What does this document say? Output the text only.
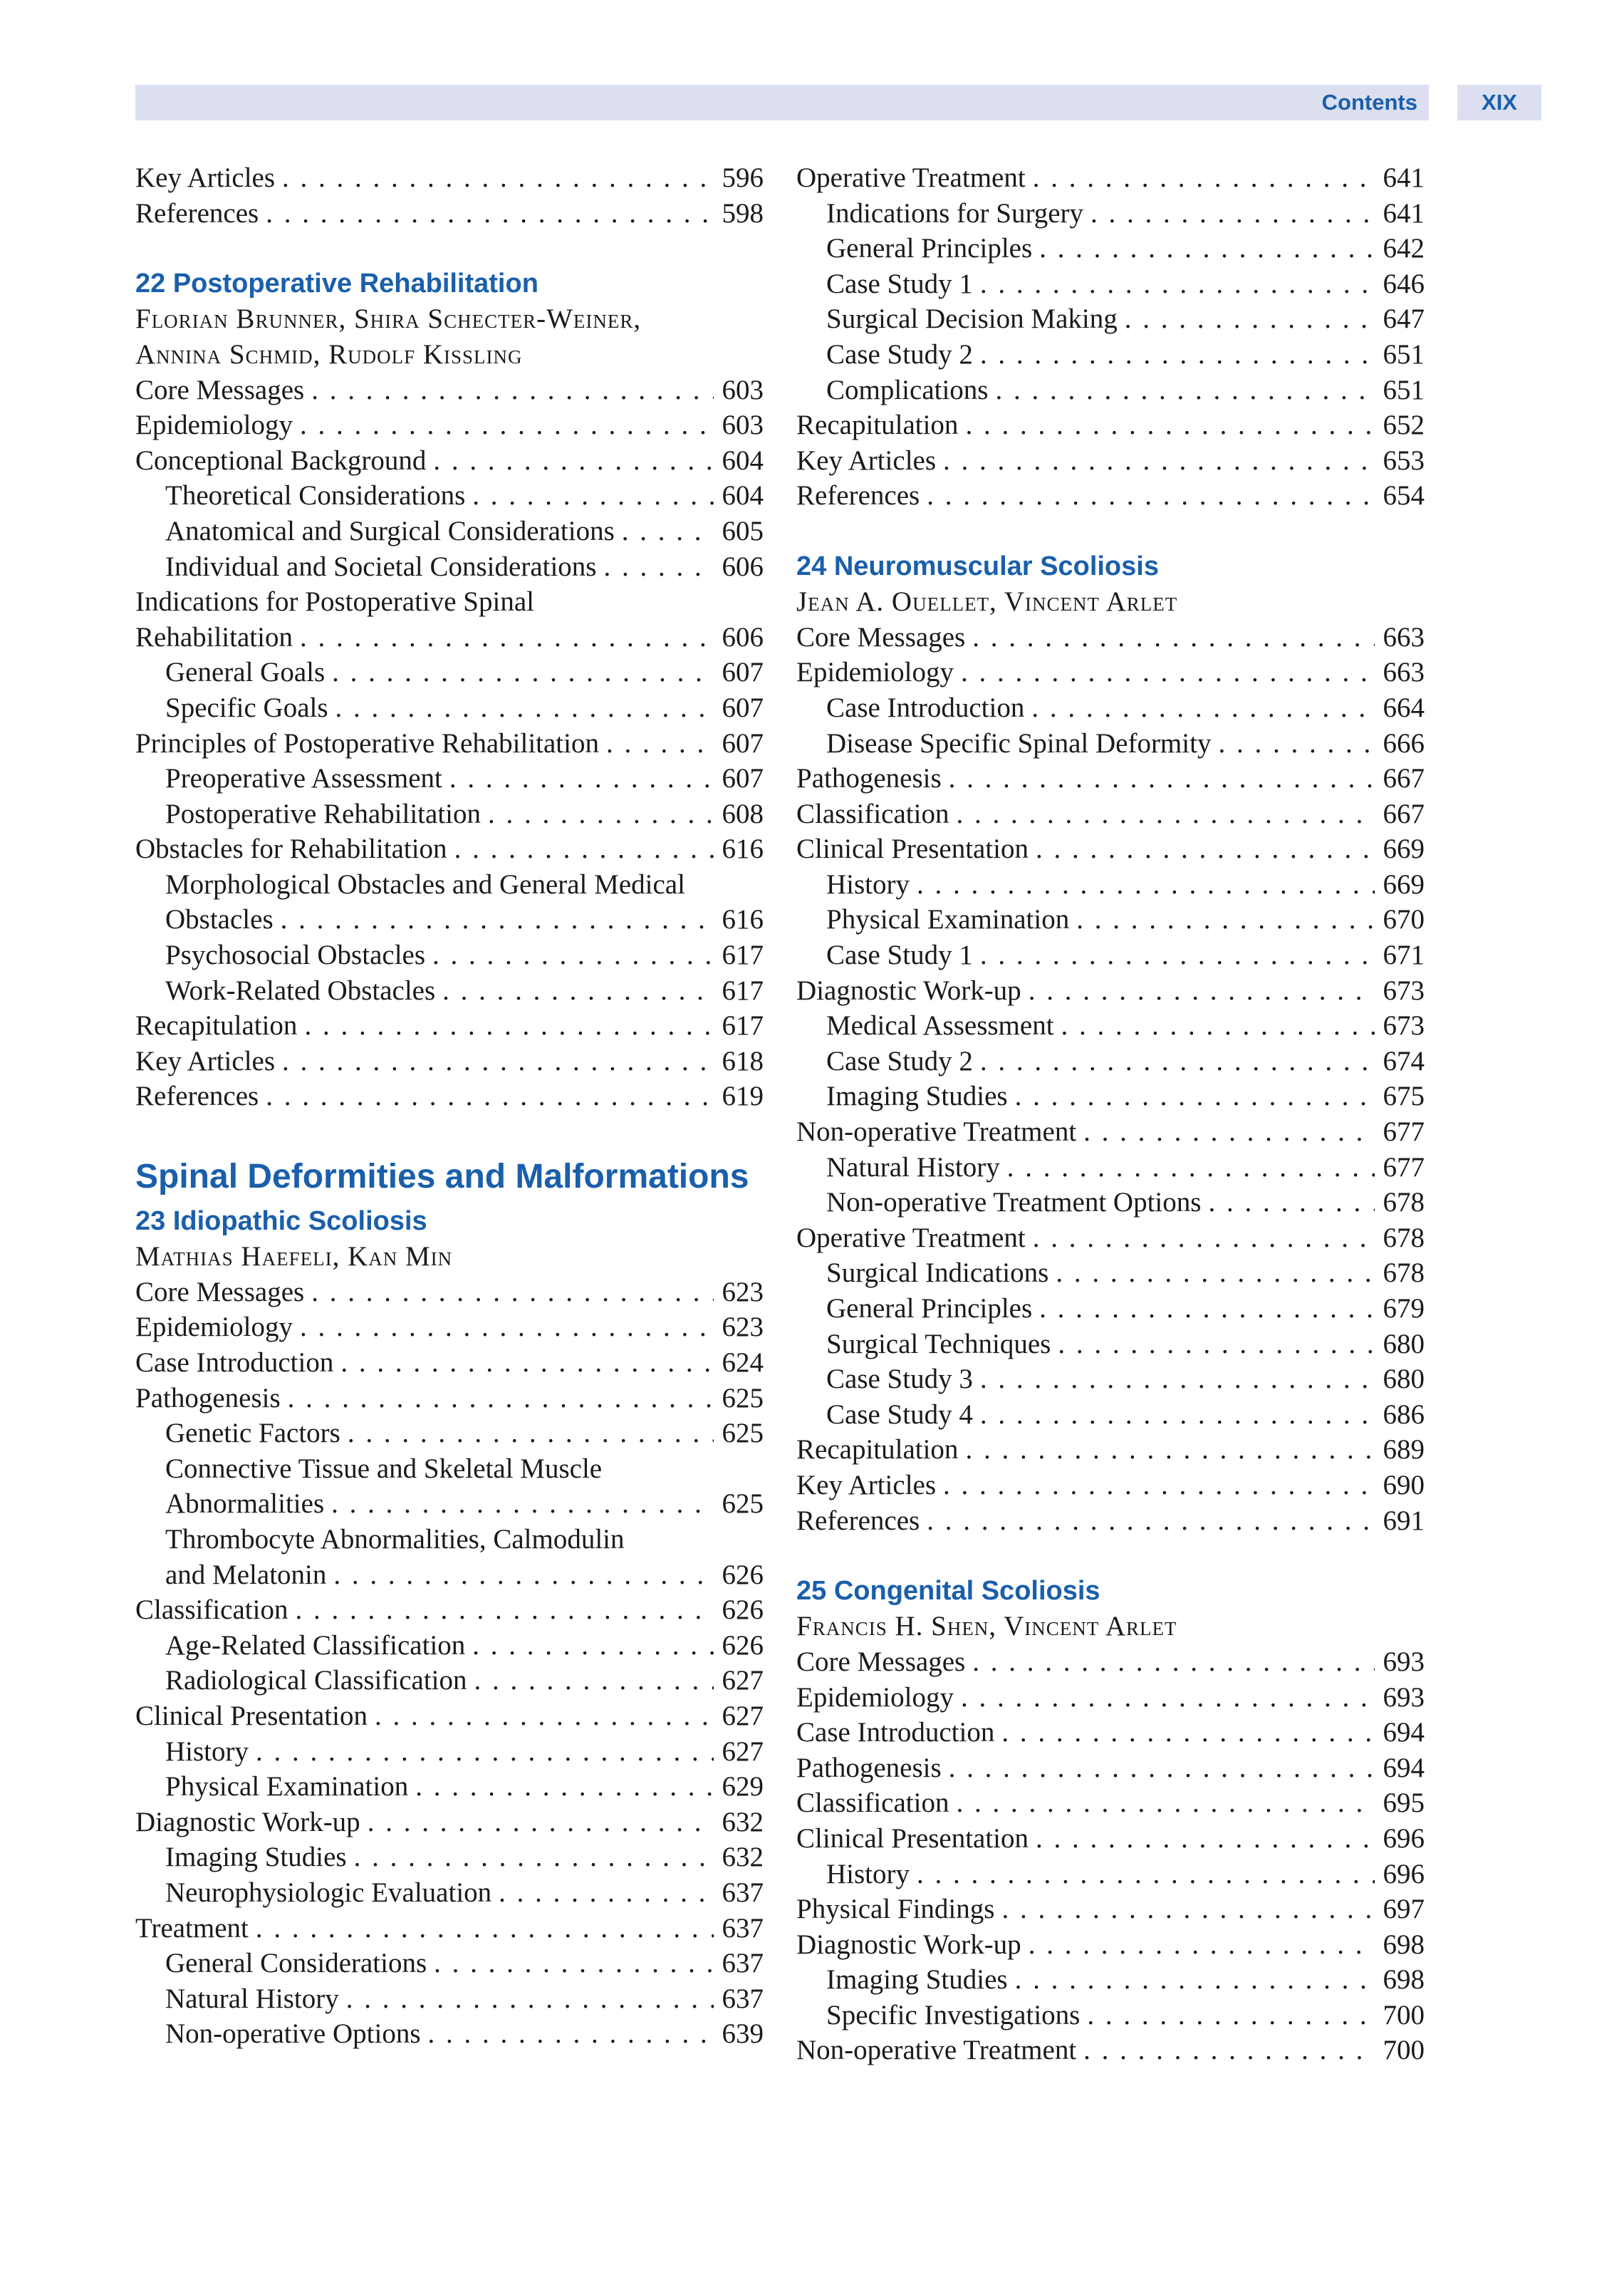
Contents	XIX
Key Articles . . .	596
References . . .	598
22 Postoperative Rehabilitation
Florian Brunner, Shira Schecter-Weiner,
Annina Schmid, Rudolf Kissling
Core Messages . . .	603
Epidemiology . . .	603
Conceptional Background . . .	604
Theoretical Considerations . . .	604
Anatomical and Surgical Considerations . . .	605
Individual and Societal Considerations . . .	606
Indications for Postoperative Spinal
Rehabilitation . . .	606
General Goals . . .	607
Specific Goals . . .	607
Principles of Postoperative Rehabilitation . . .	607
Preoperative Assessment . . .	607
Postoperative Rehabilitation . . .	608
Obstacles for Rehabilitation . . .	616
Morphological Obstacles and General Medical
Obstacles . . .	616
Psychosocial Obstacles . . .	617
Work-Related Obstacles . . .	617
Recapitulation . . .	617
Key Articles . . .	618
References . . .	619
Spinal Deformities and Malformations
23 Idiopathic Scoliosis
Mathias Haefeli, Kan Min
Core Messages . . .	623
Epidemiology . . .	623
Case Introduction . . .	624
Pathogenesis . . .	625
Genetic Factors . . .	625
Connective Tissue and Skeletal Muscle
Abnormalities . . .	625
Thrombocyte Abnormalities, Calmodulin
and Melatonin . . .	626
Classification . . .	626
Age-Related Classification . . .	626
Radiological Classification . . .	627
Clinical Presentation . . .	627
History . . .	627
Physical Examination . . .	629
Diagnostic Work-up . . .	632
Imaging Studies . . .	632
Neurophysiologic Evaluation . . .	637
Treatment . . .	637
General Considerations . . .	637
Natural History . . .	637
Non-operative Options . . .	639
Operative Treatment . . .	641
Indications for Surgery . . .	641
General Principles . . .	642
Case Study 1 . . .	646
Surgical Decision Making . . .	647
Case Study 2 . . .	651
Complications . . .	651
Recapitulation . . .	652
Key Articles . . .	653
References . . .	654
24 Neuromuscular Scoliosis
Jean A. Ouellet, Vincent Arlet
Core Messages . . .	663
Epidemiology . . .	663
Case Introduction . . .	664
Disease Specific Spinal Deformity . . .	666
Pathogenesis . . .	667
Classification . . .	667
Clinical Presentation . . .	669
History . . .	669
Physical Examination . . .	670
Case Study 1 . . .	671
Diagnostic Work-up . . .	673
Medical Assessment . . .	673
Case Study 2 . . .	674
Imaging Studies . . .	675
Non-operative Treatment . . .	677
Natural History . . .	677
Non-operative Treatment Options . . .	678
Operative Treatment . . .	678
Surgical Indications . . .	678
General Principles . . .	679
Surgical Techniques . . .	680
Case Study 3 . . .	680
Case Study 4 . . .	686
Recapitulation . . .	689
Key Articles . . .	690
References . . .	691
25 Congenital Scoliosis
Francis H. Shen, Vincent Arlet
Core Messages . . .	693
Epidemiology . . .	693
Case Introduction . . .	694
Pathogenesis . . .	694
Classification . . .	695
Clinical Presentation . . .	696
History . . .	696
Physical Findings . . .	697
Diagnostic Work-up . . .	698
Imaging Studies . . .	698
Specific Investigations . . .	700
Non-operative Treatment . . .	700
